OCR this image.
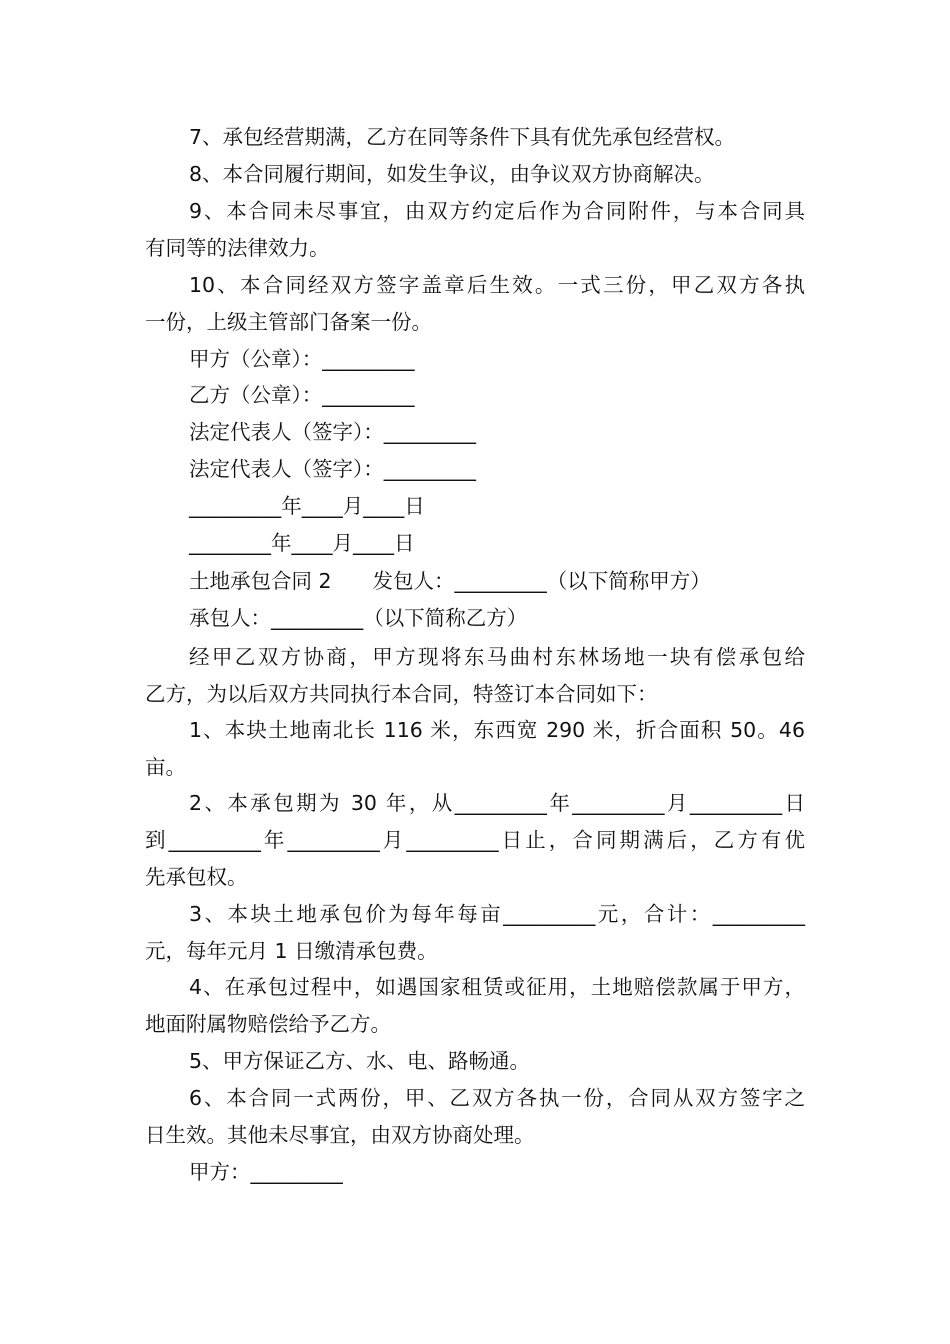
7、承包经营期满，乙方在同等条件下具有优先承包经营权。
8、本合同履行期间，如发生争议，由争议双方协商解决。
9、本合同未尽事宜，由双方约定后作为合同附件，与本合同具
有同等的法律效力。
10、本合同经双方签字盖章后生效。一式三份，甲乙双方各执
一份，上级主管部门备案一份。
甲方（公章）：_________
乙方（公章）：_________
法定代表人（签字）：_________
法定代表人（签字）：_________
_________年____月____日
________年____月____日
土地承包合同 2　　发包人：_________（以下简称甲方）
承包人：_________（以下简称乙方）
经甲乙双方协商，甲方现将东马曲村东林场地一块有偿承包给
乙方，为以后双方共同执行本合同，特签订本合同如下：
1、本块土地南北长 116 米，东西宽 290 米，折合面积 50。46
亩。
2、本承包期为 30 年，从_________年_________月_________日
到_________年_________月_________日止，合同期满后，乙方有优
先承包权。
3、本块土地承包价为每年每亩_________元，合计：_________
元，每年元月 1 日缴清承包费。
4、在承包过程中，如遇国家租赁或征用，土地赔偿款属于甲方，
地面附属物赔偿给予乙方。
5、甲方保证乙方、水、电、路畅通。
6、本合同一式两份，甲、乙双方各执一份，合同从双方签字之
日生效。其他未尽事宜，由双方协商处理。
甲方：_________
